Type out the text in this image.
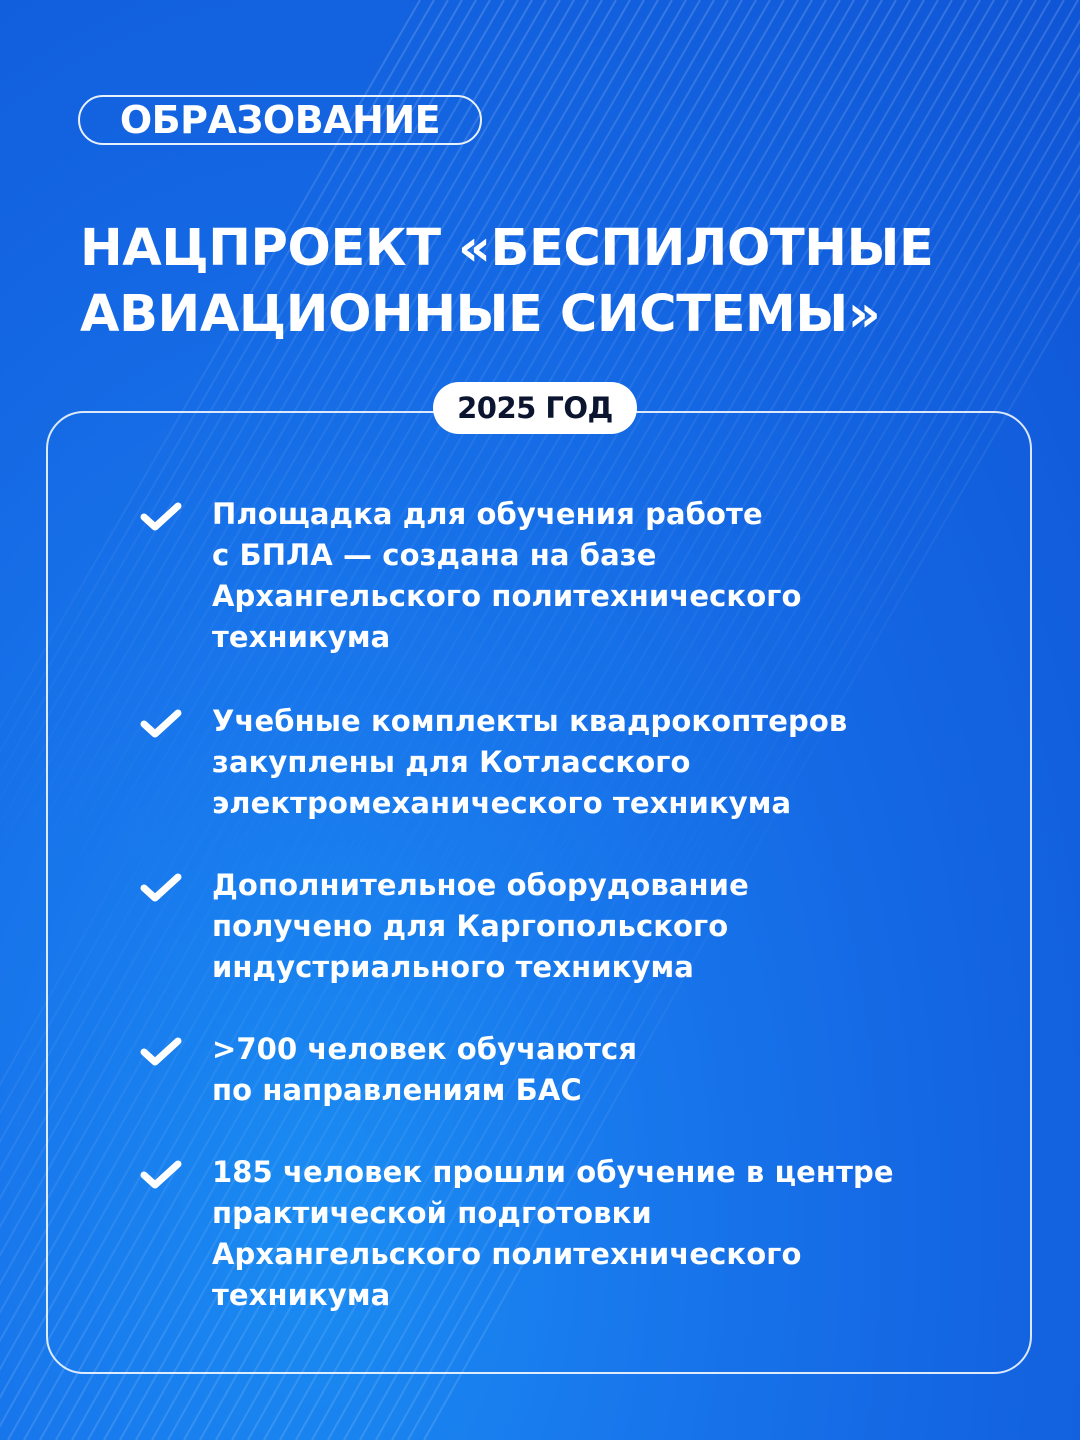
ОБРАЗОВАНИЕ
НАЦПРОЕКТ «БЕСПИЛОТНЫЕ
АВИАЦИОННЫЕ СИСТЕМЫ»
2025 ГОД
Площадка для обучения работе
с БПЛА — создана на базе
Архангельского политехнического
техникума
Учебные комплекты квадрокоптеров
закуплены для Котласского
электромеханического техникума
Дополнительное оборудование
получено для Каргопольского
индустриального техникума
>700 человек обучаются
по направлениям БАС
185 человек прошли обучение в центре
практической подготовки
Архангельского политехнического
техникума
